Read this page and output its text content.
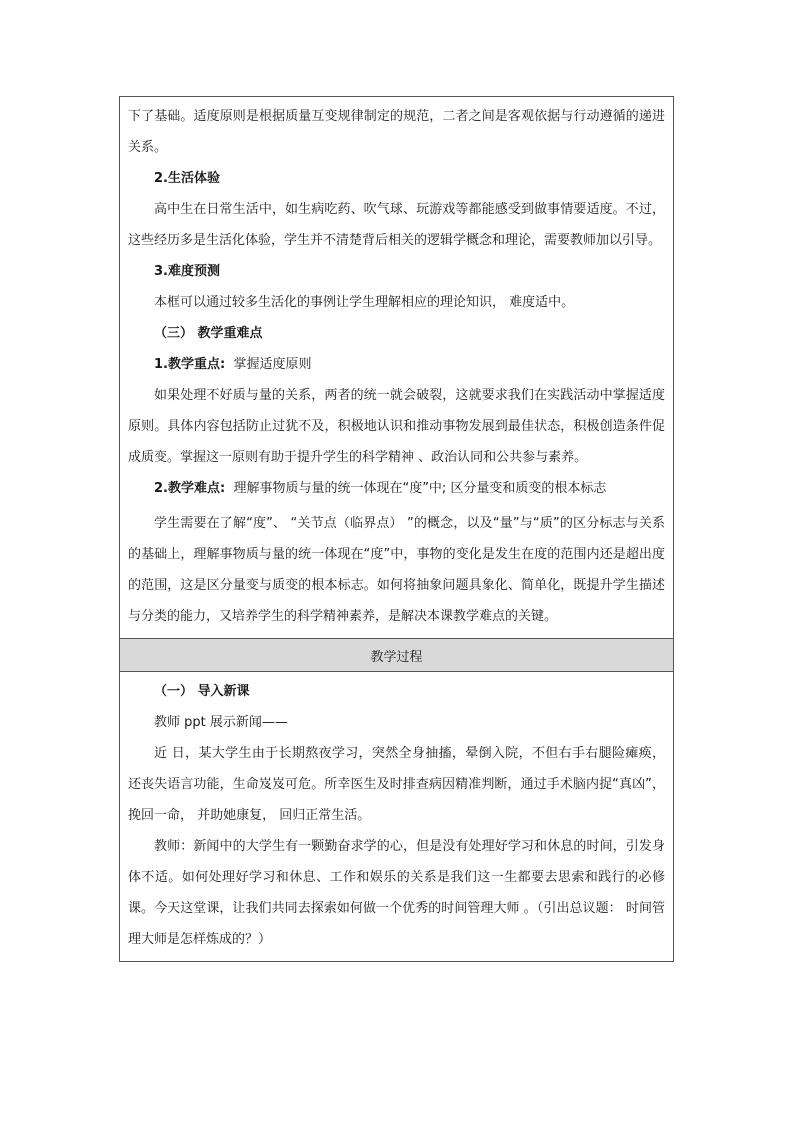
下了基础。适度原则是根据质量互变规律制定的规范，二者之间是客观依据与行动遵循的递进关系。

2.生活体验

高中生在日常生活中，如生病吃药、吹气球、玩游戏等都能感受到做事情要适度。不过，这些经历多是生活化体验，学生并不清楚背后相关的逻辑学概念和理论，需要教师加以引导。

3.难度预测

本框可以通过较多生活化的事例让学生理解相应的理论知识， 难度适中。

（三） 教学重难点

1.教学重点: 掌握适度原则

如果处理不好质与量的关系，两者的统一就会破裂，这就要求我们在实践活动中掌握适度原则。具体内容包括防止过犹不及，积极地认识和推动事物发展到最佳状态，积极创造条件促成质变。掌握这一原则有助于提升学生的科学精神 、政治认同和公共参与素养。

2.教学难点: 理解事物质与量的统一体现在“度”中; 区分量变和质变的根本标志

学生需要在了解“度”、 “关节点（临界点） ”的概念，以及“量”与“质”的区分标志与关系的基础上，理解事物质与量的统一体现在“度”中，事物的变化是发生在度的范围内还是超出度的范围，这是区分量变与质变的根本标志。如何将抽象问题具象化、简单化，既提升学生描述与分类的能力，又培养学生的科学精神素养，是解决本课教学难点的关键。

教学过程

（一） 导入新课

教师 ppt 展示新闻——

近 日，某大学生由于长期熬夜学习，突然全身抽搐，晕倒入院，不但右手右腿险瘫痪，还丧失语言功能，生命岌岌可危。所幸医生及时排查病因精准判断，通过手术脑内捉“真凶”，挽回一命， 并助她康复， 回归正常生活。

教师：新闻中的大学生有一颗勤奋求学的心，但是没有处理好学习和休息的时间，引发身体不适。如何处理好学习和休息、工作和娱乐的关系是我们这一生都要去思索和践行的必修课。今天这堂课，让我们共同去探索如何做一个优秀的时间管理大师 。（引出总议题： 时间管理大师是怎样炼成的？）
